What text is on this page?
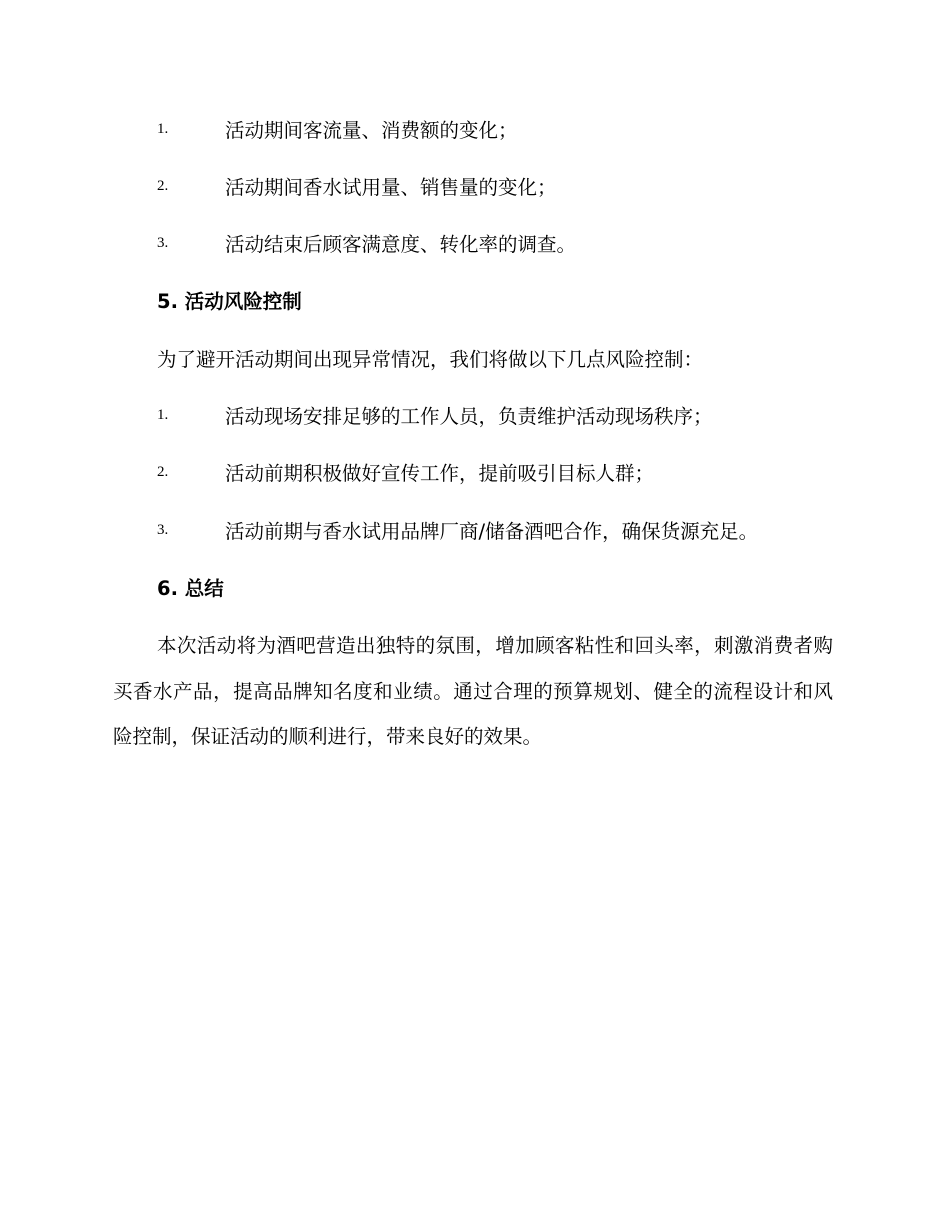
1.	活动期间客流量、消费额的变化；
2.	活动期间香水试用量、销售量的变化；
3.	活动结束后顾客满意度、转化率的调查。
5. 活动风险控制
为了避开活动期间出现异常情况，我们将做以下几点风险控制：
1.	活动现场安排足够的工作人员，负责维护活动现场秩序；
2.	活动前期积极做好宣传工作，提前吸引目标人群；
3.	活动前期与香水试用品牌厂商/储备酒吧合作，确保货源充足。
6. 总结

本次活动将为酒吧营造出独特的氛围，增加顾客粘性和回头率，刺激消费者购买香水产品，提高品牌知名度和业绩。通过合理的预算规划、健全的流程设计和风险控制，保证活动的顺利进行，带来良好的效果。
